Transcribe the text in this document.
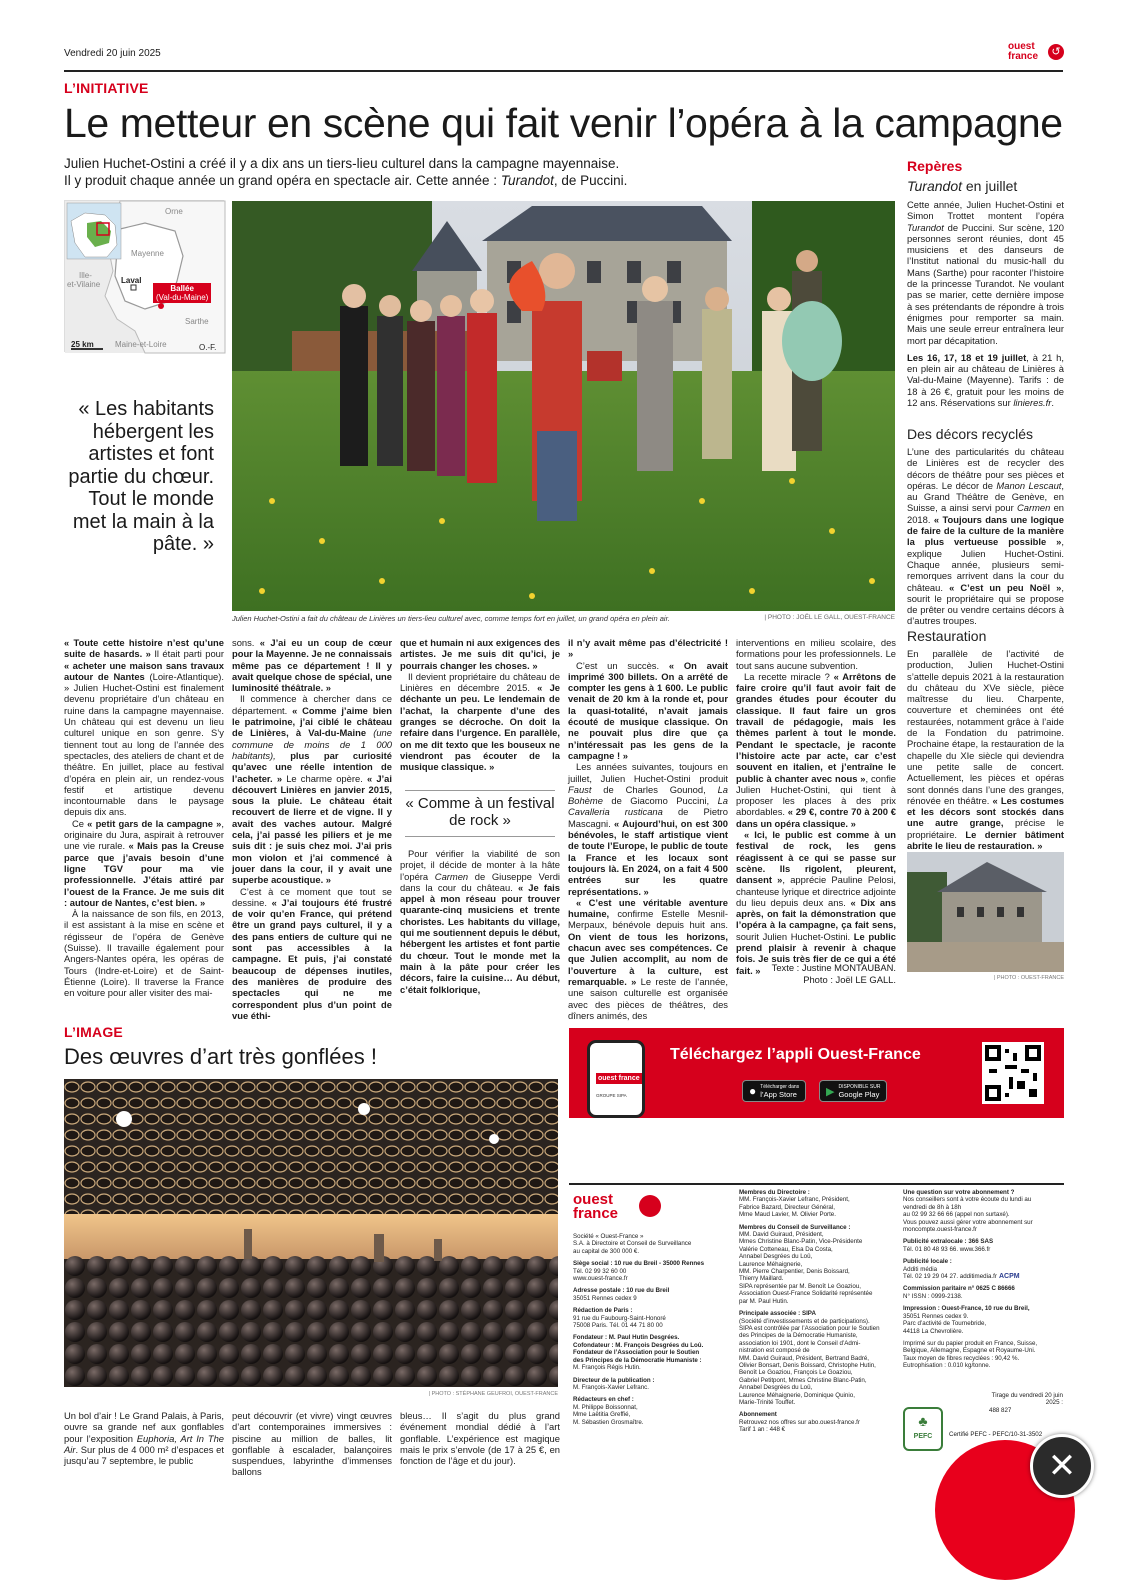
Vendredi 20 juin 2025
ouest france	↺
L’INITIATIVE
Le metteur en scène qui fait venir l’opéra à la campagne
Julien Huchet-Ostini a créé il y a dix ans un tiers-lieu culturel dans la campagne mayennaise.
Il y produit chaque année un grand opéra en spectacle air. Cette année : Turandot, de Puccini.
Orne
Mayenne
Ille-
et-Vilaine	Laval
Ballée
(Val-du-Maine)
Sarthe
Maine-et-Loire
25 km	O.-F.
Julien Huchet-Ostini a fait du château de Linières un tiers-lieu culturel avec, comme temps fort en juillet, un grand opéra en plein air.	| PHOTO : JOËL LE GALL, OUEST-FRANCE
« Les habitants hébergent les artistes et font partie du chœur. Tout le monde met la main à la pâte. »

« Toute cette histoire n’est qu’une suite de hasards. » Il était parti pour « acheter une maison sans travaux autour de Nantes (Loire-Atlantique). » Julien Huchet-Ostini est finalement devenu propriétaire d’un château en ruine dans la campagne mayennaise. Un château qui est devenu un lieu culturel unique en son genre. S’y tiennent tout au long de l’année des spectacles, des ateliers de chant et de théâtre. En juillet, place au festival d’opéra en plein air, un rendez-vous festif et artistique devenu incontournable dans le paysage depuis dix ans.

Ce « petit gars de la campagne », originaire du Jura, aspirait à retrouver une vie rurale. « Mais pas la Creuse parce que j’avais besoin d’une ligne TGV pour ma vie professionnelle. J’étais attiré par l’ouest de la France. Je me suis dit : autour de Nantes, c’est bien. »

À la naissance de son fils, en 2013, il est assistant à la mise en scène et régisseur de l’opéra de Genève (Suisse). Il travaille également pour Angers-Nantes opéra, les opéras de Tours (Indre-et-Loire) et de Saint-Étienne (Loire). Il traverse la France en voiture pour aller visiter des mai-

sons. « J’ai eu un coup de cœur pour la Mayenne. Je ne connaissais même pas ce département ! Il y avait quelque chose de spécial, une luminosité théâtrale. »

Il commence à chercher dans ce département. « Comme j’aime bien le patrimoine, j’ai ciblé le château de Linières, à Val-du-Maine (une commune de moins de 1 000 habitants), plus par curiosité qu’avec une réelle intention de l’acheter. » Le charme opère. « J’ai découvert Linières en janvier 2015, sous la pluie. Le château était recouvert de lierre et de vigne. Il y avait des vaches autour. Malgré cela, j’ai passé les piliers et je me suis dit : je suis chez moi. J’ai pris mon violon et j’ai commencé à jouer dans la cour, il y avait une superbe acoustique. »

C’est à ce moment que tout se dessine. « J’ai toujours été frustré de voir qu’en France, qui prétend être un grand pays culturel, il y a des pans entiers de culture qui ne sont pas accessibles à la campagne. Et puis, j’ai constaté beaucoup de dépenses inutiles, des manières de produire des spectacles qui ne me correspondent plus d’un point de vue éthi-

que et humain ni aux exigences des artistes. Je me suis dit qu’ici, je pourrais changer les choses. »

Il devient propriétaire du château de Linières en décembre 2015. « Je déchante un peu. Le lendemain de l’achat, la charpente d’une des granges se décroche. On doit la refaire dans l’urgence. En parallèle, on me dit texto que les bouseux ne viendront pas écouter de la musique classique. »

« Comme à un festival de rock »

Pour vérifier la viabilité de son projet, il décide de monter à la hâte l’opéra Carmen de Giuseppe Verdi dans la cour du château. « Je fais appel à mon réseau pour trouver quarante-cinq musiciens et trente choristes. Les habitants du village, qui me soutiennent depuis le début, hébergent les artistes et font partie du chœur. Tout le monde met la main à la pâte pour créer les décors, faire la cuisine… Au début, c’était folklorique,

il n’y avait même pas d’électricité ! »

C’est un succès. « On avait imprimé 300 billets. On a arrêté de compter les gens à 1 600. Le public venait de 20 km à la ronde et, pour la quasi-totalité, n’avait jamais écouté de musique classique. On ne pouvait plus dire que ça n’intéressait pas les gens de la campagne ! »

Les années suivantes, toujours en juillet, Julien Huchet-Ostini produit Faust de Charles Gounod, La Bohème de Giacomo Puccini, La Cavalleria rusticana de Pietro Mascagni. « Aujourd’hui, on est 300 bénévoles, le staff artistique vient de toute l’Europe, le public de toute la France et les locaux sont toujours là. En 2024, on a fait 4 500 entrées sur les quatre représentations. »

« C’est une véritable aventure humaine, confirme Estelle Mesnil-Merpaux, bénévole depuis huit ans. On vient de tous les horizons, chacun avec ses compétences. Ce que Julien accomplit, au nom de l’ouverture à la culture, est remarquable. » Le reste de l’année, une saison culturelle est organisée avec des pièces de théâtres, des dîners animés, des

interventions en milieu scolaire, des formations pour les professionnels. Le tout sans aucune subvention.

La recette miracle ? « Arrêtons de faire croire qu’il faut avoir fait de grandes études pour écouter du classique. Il faut faire un gros travail de pédagogie, mais les thèmes parlent à tout le monde. Pendant le spectacle, je raconte l’histoire acte par acte, car c’est souvent en italien, et j’entraîne le public à chanter avec nous », confie Julien Huchet-Ostini, qui tient à proposer les places à des prix abordables. « 29 €, contre 70 à 200 € dans un opéra classique. »

« Ici, le public est comme à un festival de rock, les gens réagissent à ce qui se passe sur scène. Ils rigolent, pleurent, dansent », apprécie Pauline Pelosi, chanteuse lyrique et directrice adjointe du lieu depuis deux ans. « Dix ans après, on fait la démonstration que l’opéra à la campagne, ça fait sens, sourit Julien Huchet-Ostini. Le public prend plaisir à revenir à chaque fois. Je suis très fier de ce qui a été fait. »	Texte : Justine MONTAUBAN.
Photo : Joël LE GALL.
Repères
Turandot en juillet

Cette année, Julien Huchet-Ostini et Simon Trottet montent l’opéra Turandot de Puccini. Sur scène, 120 personnes seront réunies, dont 45 musiciens et des danseurs de l’Institut national du music-hall du Mans (Sarthe) pour raconter l’histoire de la princesse Turandot. Ne voulant pas se marier, cette dernière impose à ses prétendants de répondre à trois énigmes pour remporter sa main. Mais une seule erreur entraînera leur mort par décapitation.

Les 16, 17, 18 et 19 juillet, à 21 h, en plein air au château de Linières à Val-du-Maine (Mayenne). Tarifs : de 18 à 26 €, gratuit pour les moins de 12 ans. Réservations sur linieres.fr.

Des décors recyclés

L’une des particularités du château de Linières est de recycler des décors de théâtre pour ses pièces et opéras. Le décor de Manon Lescaut, au Grand Théâtre de Genève, en Suisse, a ainsi servi pour Carmen en 2018. « Toujours dans une logique de faire de la culture de la manière la plus vertueuse possible », explique Julien Huchet-Ostini. Chaque année, plusieurs semi-remorques arrivent dans la cour du château. « C’est un peu Noël », sourit le propriétaire qui se propose de prêter ou vendre certains décors à d’autres troupes.

Restauration

En parallèle de l’activité de production, Julien Huchet-Ostini s’attelle depuis 2021 à la restauration du château du XVe siècle, pièce maîtresse du lieu. Charpente, couverture et cheminées ont été restaurées, notamment grâce à l’aide de la Fondation du patrimoine. Prochaine étape, la restauration de la chapelle du XIe siècle qui deviendra une petite salle de concert. Actuellement, les pièces et opéras sont donnés dans l’une des granges, rénovée en théâtre. « Les costumes et les décors sont stockés dans une autre grange, précise le propriétaire. Le dernier bâtiment abrite le lieu de restauration. »

| PHOTO : OUEST-FRANCE
L’IMAGE
Des œuvres d’art très gonflées !
| PHOTO : STÉPHANE GEUFROI, OUEST-FRANCE

Un bol d’air ! Le Grand Palais, à Paris, ouvre sa grande nef aux gonflables pour l’exposition Euphoria, Art In The Air. Sur plus de 4 000 m² d’espaces et jusqu’au 7 septembre, le public

peut découvrir (et vivre) vingt œuvres d’art contemporaines immersives : piscine au million de balles, lit gonflable à escalader, balançoires suspendues, labyrinthe d’immenses ballons

bleus… Il s’agit du plus grand événement mondial dédié à l’art gonflable. L’expérience est magique mais le prix s’envole (de 17 à 25 €, en fonction de l’âge et du jour).

ouest france
GROUPE SIPA
Téléchargez l’appli Ouest-France
● Télécharger dans
l’App Store	▶ DISPONIBLE SUR
Google Play
ouest france
Société « Ouest-France »
S.A. à Directoire et Conseil de Surveillance
au capital de 300 000 €.
Siège social : 10 rue du Breil - 35000 Rennes
Tél. 02 99 32 60 00
www.ouest-france.fr
Adresse postale : 10 rue du Breil
35051 Rennes cedex 9
Rédaction de Paris :
91 rue du Faubourg-Saint-Honoré
75008 Paris. Tél. 01 44 71 80 00
Fondateur : M. Paul Hutin Desgrées.
Cofondateur : M. François Desgrées du Loû.
Fondateur de l’Association pour le Soutien
des Principes de la Démocratie Humaniste :
M. François Régis Hutin.
Directeur de la publication :
M. François-Xavier Lefranc.
Rédacteurs en chef :
M. Philippe Boissonnat,
Mme Laëtitia Greffié,
M. Sébastien Grosmaître.
Membres du Directoire :
MM. François-Xavier Lefranc, Président,
Fabrice Bazard, Directeur Général,
Mme Maud Lavier, M. Olivier Porte.
Membres du Conseil de Surveillance :
MM. David Guiraud, Président,
Mmes Christine Blanc-Patin, Vice-Présidente
Valérie Cotteneau, Elsa Da Costa,
Annabel Desgrées du Loû,
Laurence Méhaignerie,
MM. Pierre Charpentier, Denis Boissard,
Thierry Maillard.
SIPA représentée par M. Benoît Le Goaziou,
Association Ouest-France Solidarité représentée
par M. Paul Hutin.
Principale associée : SIPA
(Société d’investissements et de participations).
SIPA est contrôlée par l’Association pour le Soutien
des Principes de la Démocratie Humaniste,
association loi 1901, dont le Conseil d’Admi-
nistration est composé de
MM. David Guiraud, Président, Bertrand Badré,
Olivier Bonsart, Denis Boissard, Christophe Hutin,
Benoît Le Goaziou, François Le Goaziou,
Gabriel Petitpont, Mmes Christine Blanc-Patin,
Annabel Desgrées du Loû,
Laurence Méhaignerie, Dominique Quinio,
Marie-Trinité Touffet.
Abonnement
Retrouvez nos offres sur abo.ouest-france.fr
Tarif 1 an : 448 €
Une question sur votre abonnement ?
Nos conseillers sont à votre écoute du lundi au
vendredi de 8h à 18h
au 02 99 32 66 66 (appel non surtaxé).
Vous pouvez aussi gérer votre abonnement sur
moncompte.ouest-france.fr
Publicité extralocale : 366 SAS
Tél. 01 80 48 93 66. www.366.fr
Publicité locale :
Additi média
Tél. 02 19 29 04 27. additimedia.fr
Commission paritaire n° 0625 C 86666
N° ISSN : 0999-2138.
Impression : Ouest-France, 10 rue du Breil,
35051 Rennes cedex 9.
Parc d’activité de Tournebride,
44118 La Chevrolière.
Imprimé sur du papier produit en France, Suisse,
Belgique, Allemagne, Espagne et Royaume-Uni.
Taux moyen de fibres recyclées : 90,42 %.
Eutrophisation : 0.010 kg/tonne.
ACPM
Tirage du vendredi 20 juin 2025 :
488 827
♣
PEFC	Certifié PEFC - PEFC/10-31-3502
✕
